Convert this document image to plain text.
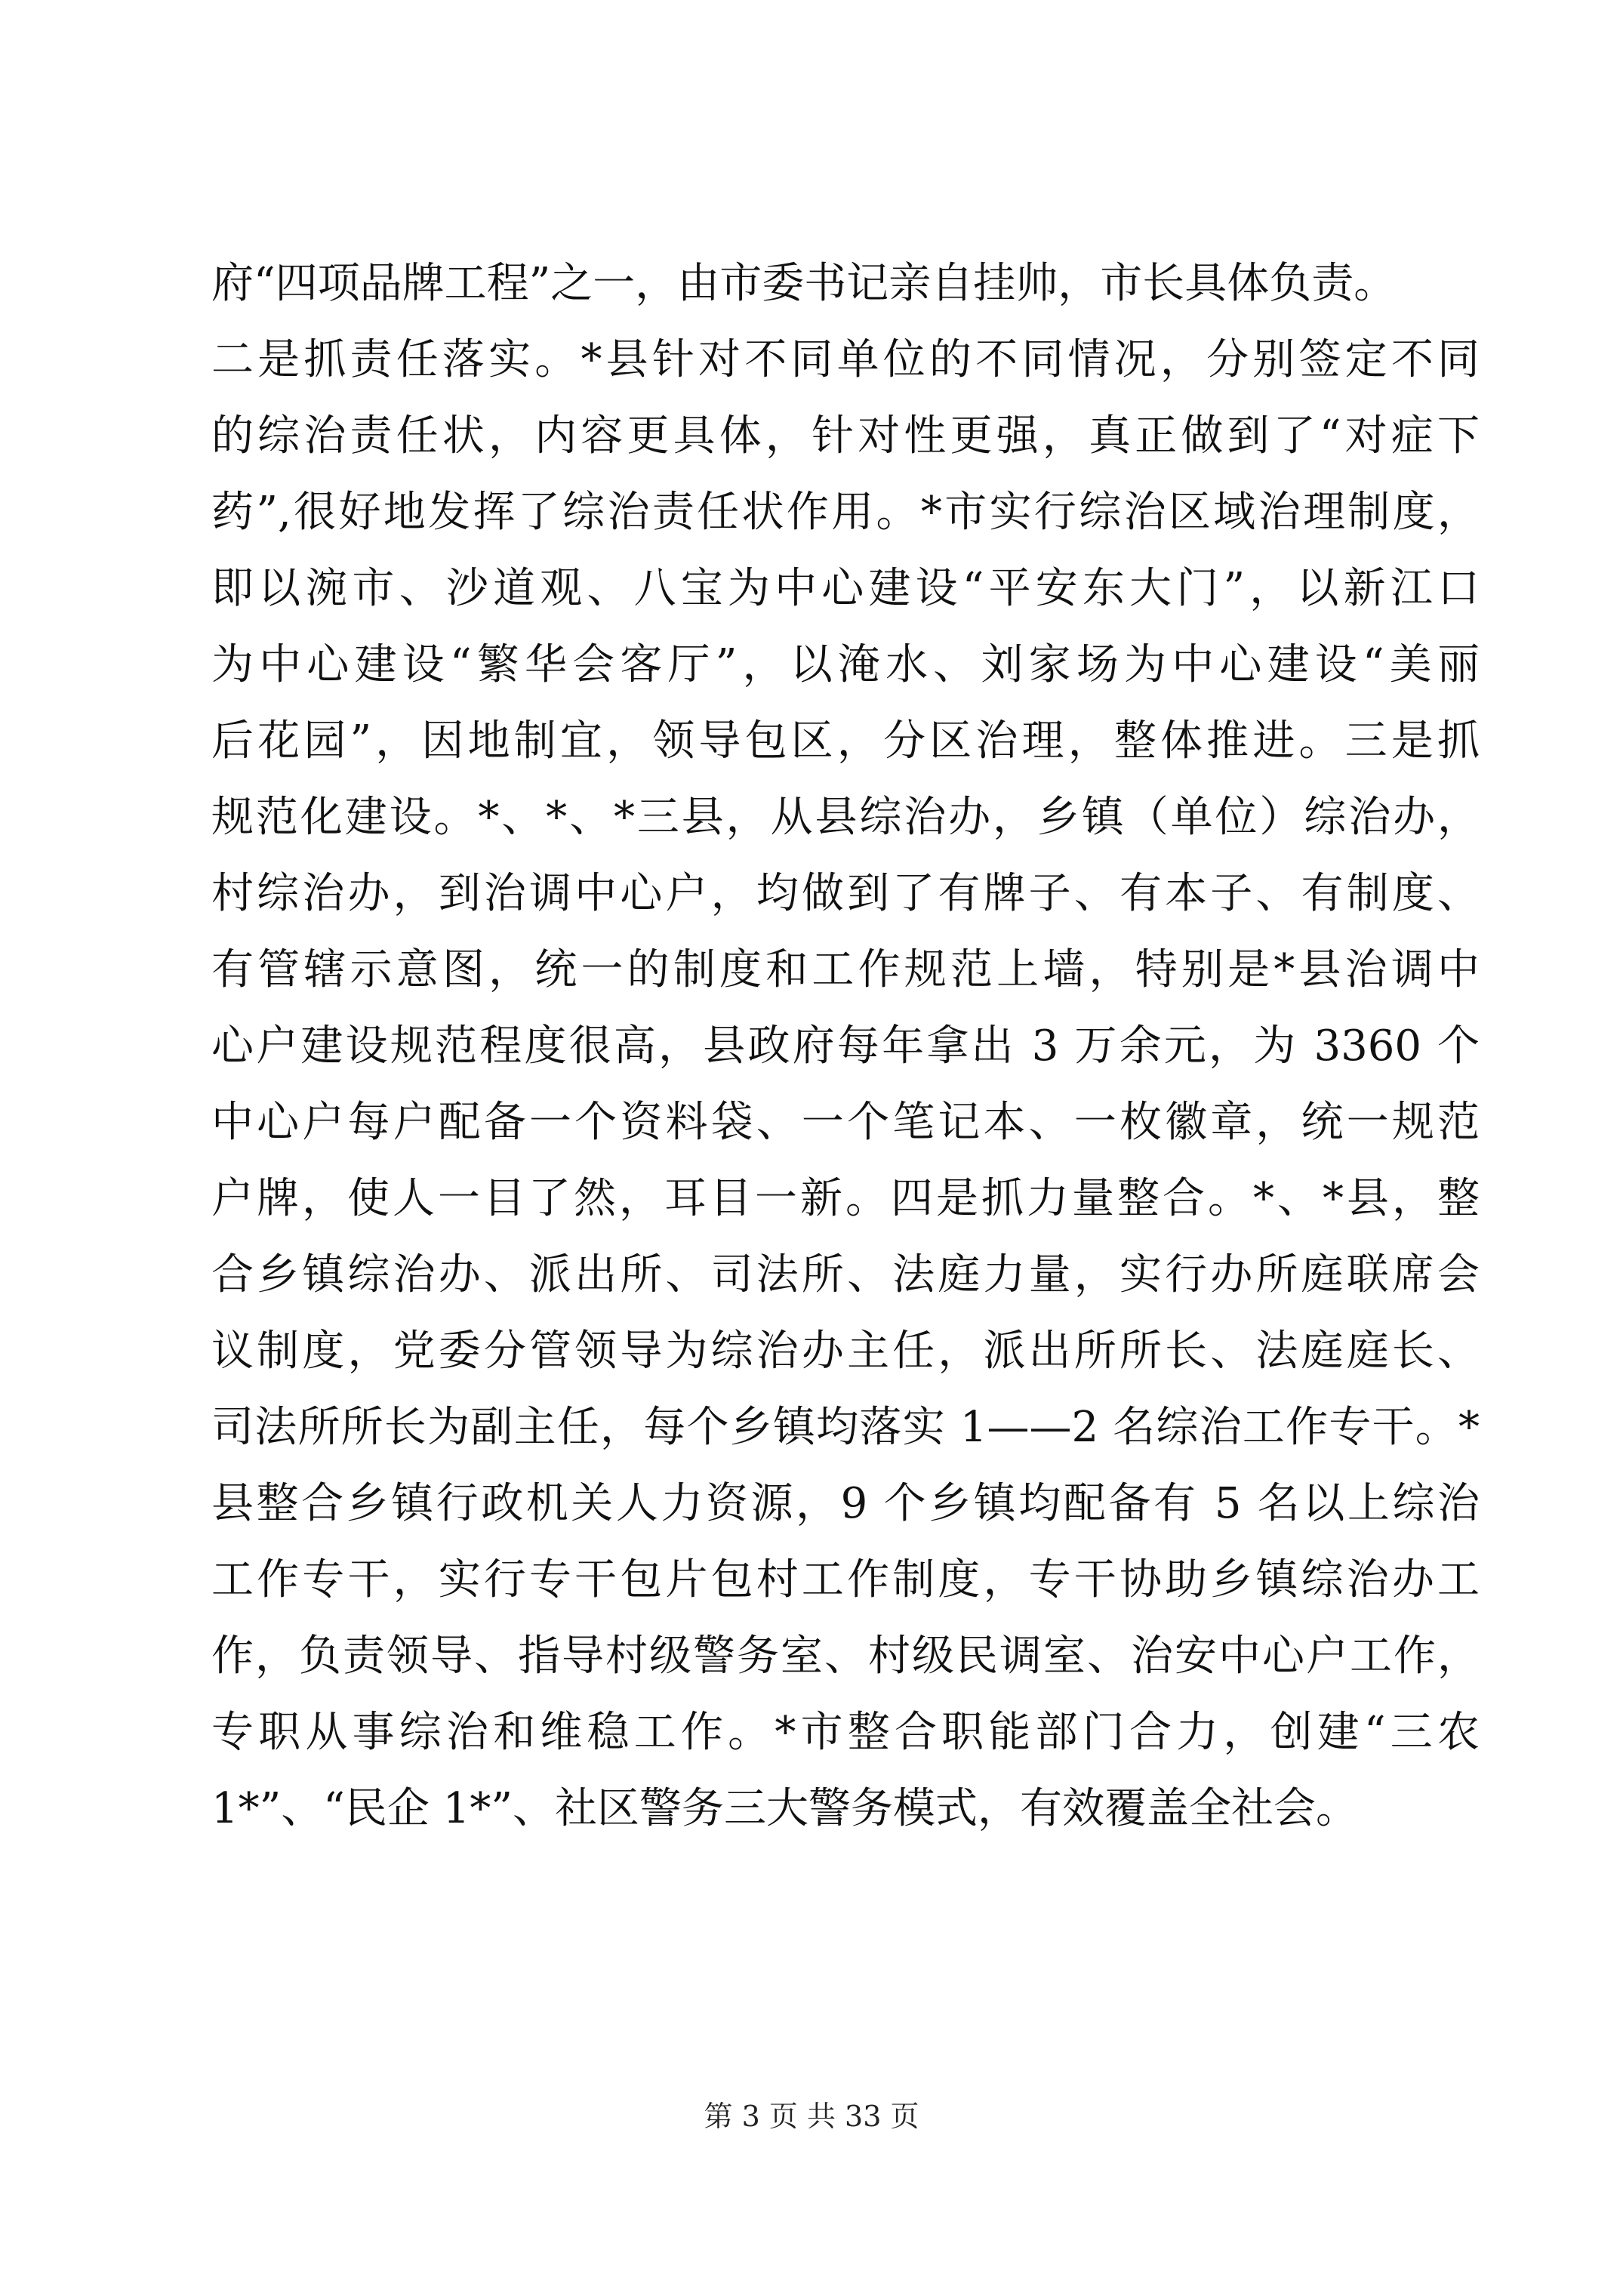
府“四项品牌工程”之一，由市委书记亲自挂帅，市长具体负责。
二是抓责任落实。*县针对不同单位的不同情况，分别签定不同
的综治责任状，内容更具体，针对性更强，真正做到了“对症下
药”,很好地发挥了综治责任状作用。*市实行综治区域治理制度，
即以涴市、沙道观、八宝为中心建设“平安东大门”，以新江口
为中心建设“繁华会客厅”，以淹水、刘家场为中心建设“美丽
后花园”，因地制宜，领导包区，分区治理，整体推进。三是抓
规范化建设。*、*、*三县，从县综治办，乡镇（单位）综治办，
村综治办，到治调中心户，均做到了有牌子、有本子、有制度、
有管辖示意图，统一的制度和工作规范上墙，特别是*县治调中
心户建设规范程度很高，县政府每年拿出 3 万余元，为 3360 个
中心户每户配备一个资料袋、一个笔记本、一枚徽章，统一规范
户牌，使人一目了然，耳目一新。四是抓力量整合。*、*县，整
合乡镇综治办、派出所、司法所、法庭力量，实行办所庭联席会
议制度，党委分管领导为综治办主任，派出所所长、法庭庭长、
司法所所长为副主任，每个乡镇均落实 1——2 名综治工作专干。*
县整合乡镇行政机关人力资源，9 个乡镇均配备有 5 名以上综治
工作专干，实行专干包片包村工作制度，专干协助乡镇综治办工
作，负责领导、指导村级警务室、村级民调室、治安中心户工作，
专职从事综治和维稳工作。*市整合职能部门合力，创建“三农
1*”、“民企 1*”、社区警务三大警务模式，有效覆盖全社会。
第 3 页 共 33 页
